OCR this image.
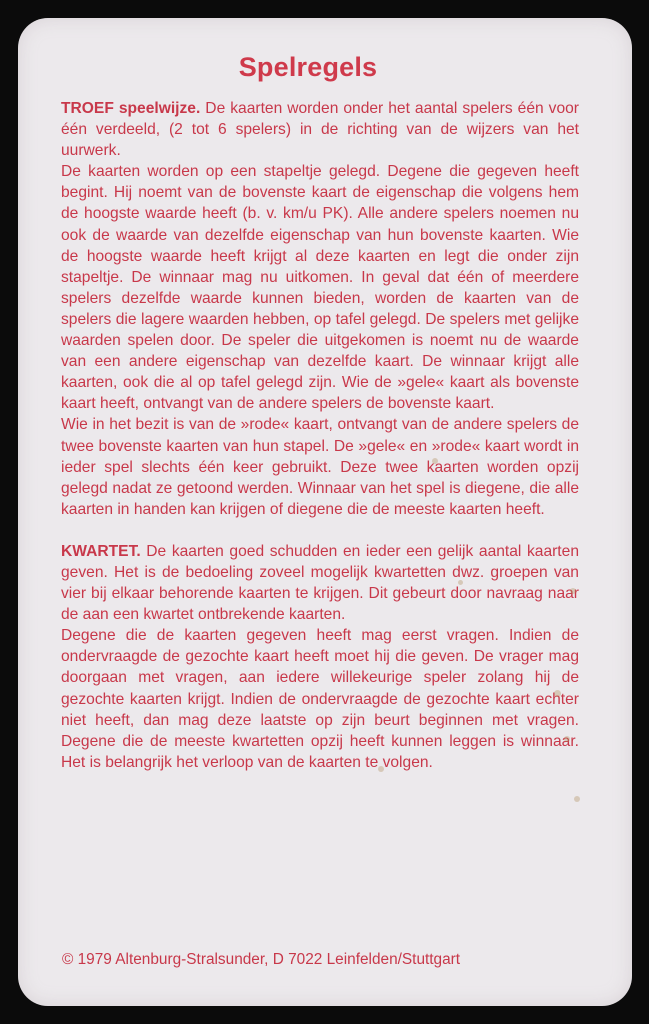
Spelregels

TROEF speelwijze. De kaarten worden onder het aantal spelers één voor één verdeeld, (2 tot 6 spelers) in de richting van de wijzers van het uurwerk.

De kaarten worden op een stapeltje gelegd. Degene die gegeven heeft begint. Hij noemt van de bovenste kaart de eigenschap die volgens hem de hoogste waarde heeft (b. v. km/u PK). Alle andere spelers noemen nu ook de waarde van dezelfde eigenschap van hun bovenste kaarten. Wie de hoogste waarde heeft krijgt al deze kaarten en legt die onder zijn stapeltje. De winnaar mag nu uitkomen. In geval dat één of meerdere spelers dezelfde waarde kunnen bieden, worden de kaarten van de spelers die lagere waarden hebben, op tafel gelegd. De spelers met gelijke waarden spelen door. De speler die uitgekomen is noemt nu de waarde van een andere eigenschap van dezelfde kaart. De winnaar krijgt alle kaarten, ook die al op tafel gelegd zijn. Wie de »gele« kaart als bovenste kaart heeft, ontvangt van de andere spelers de bovenste kaart.

Wie in het bezit is van de »rode« kaart, ontvangt van de andere spelers de twee bovenste kaarten van hun stapel. De »gele« en »rode« kaart wordt in ieder spel slechts één keer gebruikt. Deze twee kaarten worden opzij gelegd nadat ze getoond werden. Winnaar van het spel is diegene, die alle kaarten in handen kan krijgen of diegene die de meeste kaarten heeft.

KWARTET. De kaarten goed schudden en ieder een gelijk aantal kaarten geven. Het is de bedoeling zoveel mogelijk kwartetten dwz. groepen van vier bij elkaar behorende kaarten te krijgen. Dit gebeurt door navraag naar de aan een kwartet ontbrekende kaarten.

Degene die de kaarten gegeven heeft mag eerst vragen. Indien de ondervraagde de gezochte kaart heeft moet hij die geven. De vrager mag doorgaan met vragen, aan iedere willekeurige speler zolang hij de gezochte kaarten krijgt. Indien de ondervraagde de gezochte kaart echter niet heeft, dan mag deze laatste op zijn beurt beginnen met vragen. Degene die de meeste kwartetten opzij heeft kunnen leggen is winnaar. Het is belangrijk het verloop van de kaarten te volgen.

© 1979 Altenburg-Stralsunder, D 7022 Leinfelden/Stuttgart
